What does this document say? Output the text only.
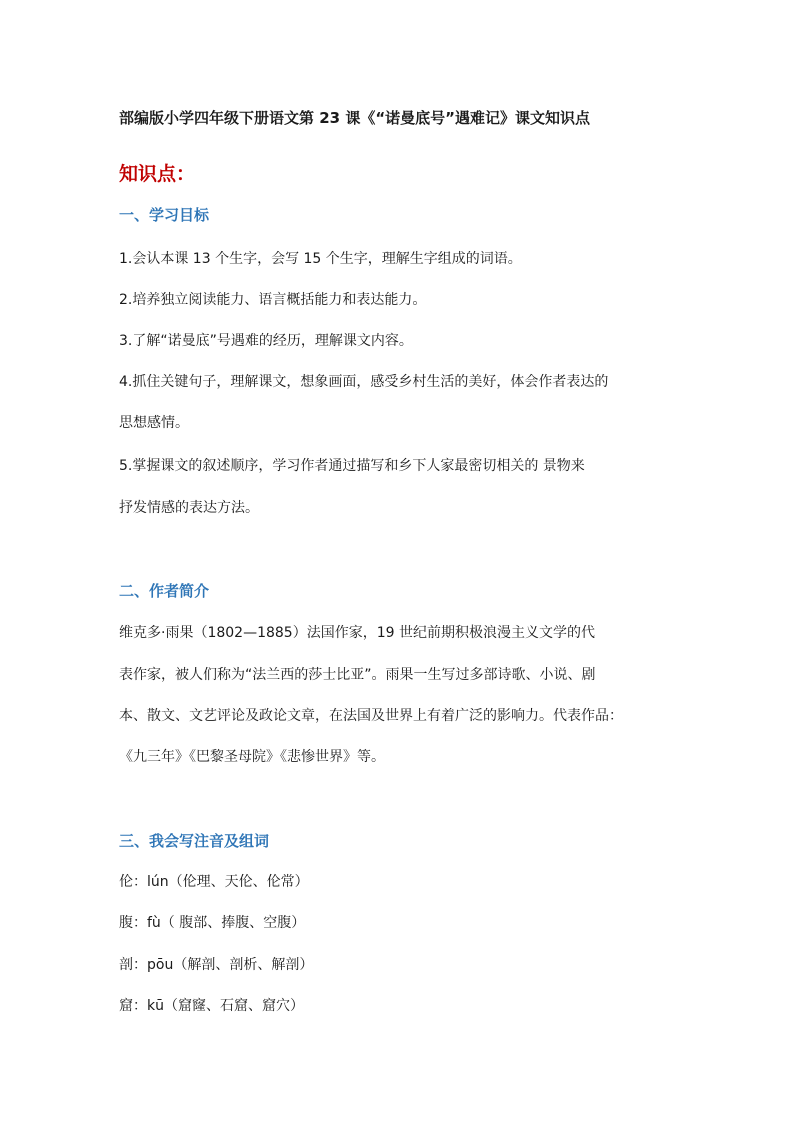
部编版小学四年级下册语文第 23 课《“诺曼底号”遇难记》课文知识点
知识点：
一、学习目标
1.会认本课 13 个生字，会写 15 个生字，理解生字组成的词语。
2.培养独立阅读能力、语言概括能力和表达能力。
3.了解“诺曼底”号遇难的经历，理解课文内容。
4.抓住关键句子，理解课文，想象画面，感受乡村生活的美好，体会作者表达的
思想感情。
5.掌握课文的叙述顺序，学习作者通过描写和乡下人家最密切相关的 景物来
抒发情感的表达方法。
二、作者简介
维克多·雨果（1802—1885）法国作家，19 世纪前期积极浪漫主义文学的代
表作家，被人们称为“法兰西的莎士比亚”。雨果一生写过多部诗歌、小说、剧
本、散文、文艺评论及政论文章，在法国及世界上有着广泛的影响力。代表作品：
《九三年》《巴黎圣母院》《悲惨世界》等。
三、我会写注音及组词
伦：lún（伦理、天伦、伦常）
腹：fù（ 腹部、捧腹、空腹）
剖：pōu（解剖、剖析、解剖）
窟：kū（窟窿、石窟、窟穴）
